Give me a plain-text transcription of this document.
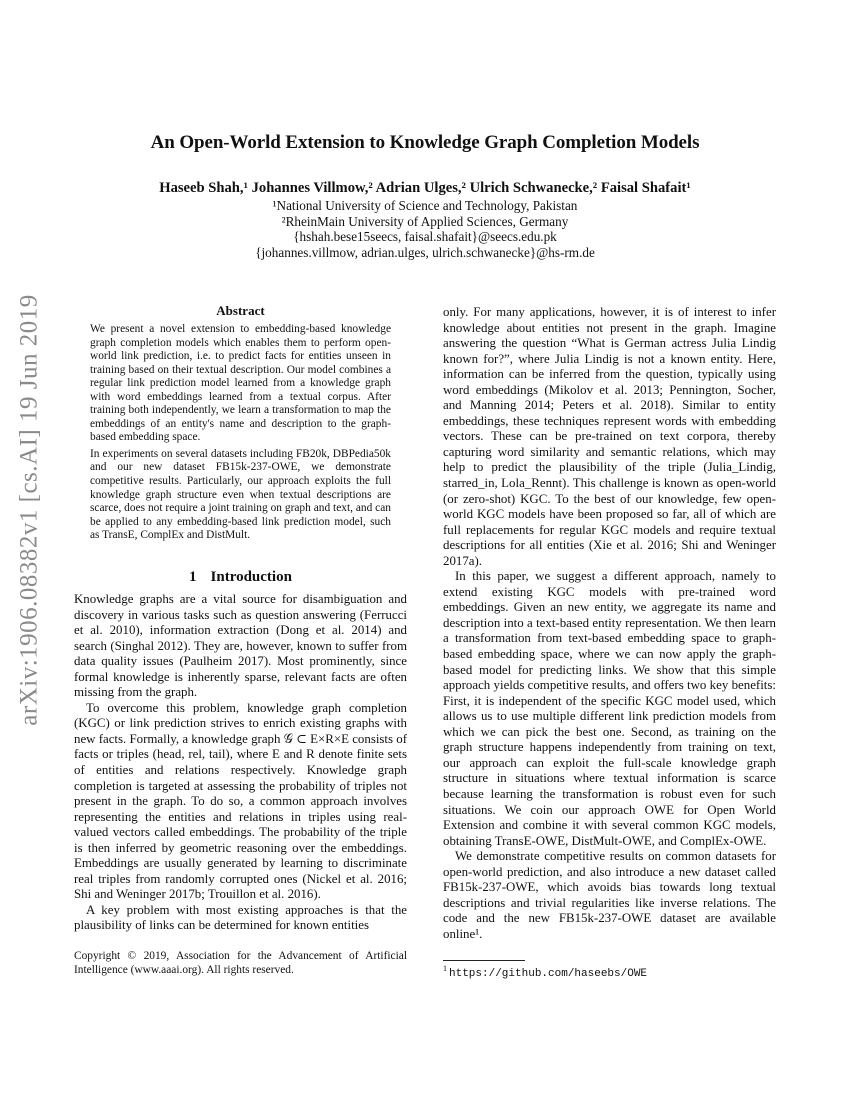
arXiv:1906.08382v1 [cs.AI] 19 Jun 2019
An Open-World Extension to Knowledge Graph Completion Models
Haseeb Shah,¹ Johannes Villmow,² Adrian Ulges,² Ulrich Schwanecke,² Faisal Shafait¹
¹National University of Science and Technology, Pakistan
²RheinMain University of Applied Sciences, Germany
{hshah.bese15seecs, faisal.shafait}@seecs.edu.pk
{johannes.villmow, adrian.ulges, ulrich.schwanecke}@hs-rm.de
Abstract

We present a novel extension to embedding-based knowledge graph completion models which enables them to perform open-world link prediction, i.e. to predict facts for entities unseen in training based on their textual description. Our model combines a regular link prediction model learned from a knowledge graph with word embeddings learned from a textual corpus. After training both independently, we learn a transformation to map the embeddings of an entity's name and description to the graph-based embedding space.

In experiments on several datasets including FB20k, DBPedia50k and our new dataset FB15k-237-OWE, we demonstrate competitive results. Particularly, our approach exploits the full knowledge graph structure even when textual descriptions are scarce, does not require a joint training on graph and text, and can be applied to any embedding-based link prediction model, such as TransE, ComplEx and DistMult.

1 Introduction

Knowledge graphs are a vital source for disambiguation and discovery in various tasks such as question answering (Ferrucci et al. 2010), information extraction (Dong et al. 2014) and search (Singhal 2012). They are, however, known to suffer from data quality issues (Paulheim 2017). Most prominently, since formal knowledge is inherently sparse, relevant facts are often missing from the graph.

To overcome this problem, knowledge graph completion (KGC) or link prediction strives to enrich existing graphs with new facts. Formally, a knowledge graph 𝒢 ⊂ E×R×E consists of facts or triples (head, rel, tail), where E and R denote finite sets of entities and relations respectively. Knowledge graph completion is targeted at assessing the probability of triples not present in the graph. To do so, a common approach involves representing the entities and relations in triples using real-valued vectors called embeddings. The probability of the triple is then inferred by geometric reasoning over the embeddings. Embeddings are usually generated by learning to discriminate real triples from randomly corrupted ones (Nickel et al. 2016; Shi and Weninger 2017b; Trouillon et al. 2016).

A key problem with most existing approaches is that the plausibility of links can be determined for known entities

Copyright © 2019, Association for the Advancement of Artificial Intelligence (www.aaai.org). All rights reserved.

only. For many applications, however, it is of interest to infer knowledge about entities not present in the graph. Imagine answering the question “What is German actress Julia Lindig known for?”, where Julia Lindig is not a known entity. Here, information can be inferred from the question, typically using word embeddings (Mikolov et al. 2013; Pennington, Socher, and Manning 2014; Peters et al. 2018). Similar to entity embeddings, these techniques represent words with embedding vectors. These can be pre-trained on text corpora, thereby capturing word similarity and semantic relations, which may help to predict the plausibility of the triple (Julia_Lindig, starred_in, Lola_Rennt). This challenge is known as open-world (or zero-shot) KGC. To the best of our knowledge, few open-world KGC models have been proposed so far, all of which are full replacements for regular KGC models and require textual descriptions for all entities (Xie et al. 2016; Shi and Weninger 2017a).

In this paper, we suggest a different approach, namely to extend existing KGC models with pre-trained word embeddings. Given an new entity, we aggregate its name and description into a text-based entity representation. We then learn a transformation from text-based embedding space to graph-based embedding space, where we can now apply the graph-based model for predicting links. We show that this simple approach yields competitive results, and offers two key benefits: First, it is independent of the specific KGC model used, which allows us to use multiple different link prediction models from which we can pick the best one. Second, as training on the graph structure happens independently from training on text, our approach can exploit the full-scale knowledge graph structure in situations where textual information is scarce because learning the transformation is robust even for such situations. We coin our approach OWE for Open World Extension and combine it with several common KGC models, obtaining TransE-OWE, DistMult-OWE, and ComplEx-OWE.

We demonstrate competitive results on common datasets for open-world prediction, and also introduce a new dataset called FB15k-237-OWE, which avoids bias towards long textual descriptions and trivial regularities like inverse relations. The code and the new FB15k-237-OWE dataset are available online¹.

$^1$ https://github.com/haseebs/OWE
